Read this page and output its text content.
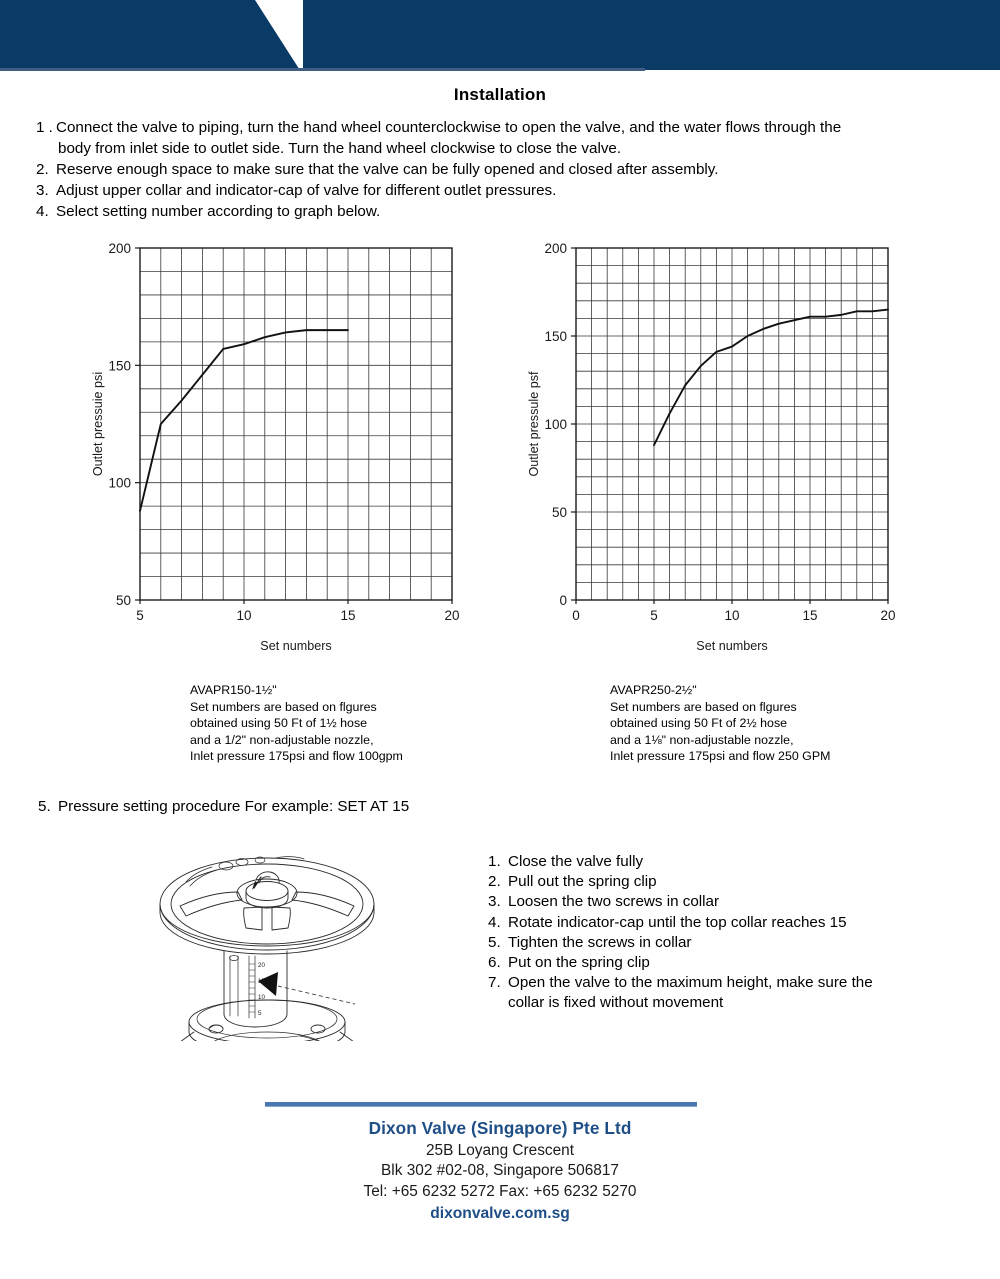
Installation
1 . Connect the valve to piping, turn the hand wheel counterclockwise to open the valve, and the water flows through the
body from inlet side to outlet side. Turn the hand wheel clockwise to close the valve.
2. Reserve enough space to make sure that the valve can be fully opened and closed after assembly.
3. Adjust upper collar and indicator-cap of valve for different outlet pressures.
4. Select setting number according to graph below.
5	10	15	20
50
100
150
200
Set numbers
Outlet pressuie psi
0	5	10	15	20
0
50
100
150
200
Set numbers
Outlet pressule psf
AVAPR150-1½"
Set numbers are based on flgures
obtained using 50 Ft of 1½ hose
and a 1/2" non-adjustable nozzle,
Inlet pressure 175psi and flow 100gpm
AVAPR250-2½"
Set numbers are based on flgures
obtained using 50 Ft of 2½ hose
and a 1⅛" non-adjustable nozzle,
Inlet pressure 175psi and flow 250 GPM
5. Pressure setting procedure For example: SET AT 15
20
15
10
5
1. Close the valve fully
2. Pull out the spring clip
3. Loosen the two screws in collar
4. Rotate indicator-cap until the top collar reaches 15
5. Tighten the screws in collar
6. Put on the spring clip
7. Open the valve to the maximum height, make sure the
collar is fixed without movement
Dixon Valve (Singapore) Pte Ltd
25B Loyang Crescent
Blk 302 #02-08, Singapore 506817
Tel: +65 6232 5272 Fax: +65 6232 5270
dixonvalve.com.sg
